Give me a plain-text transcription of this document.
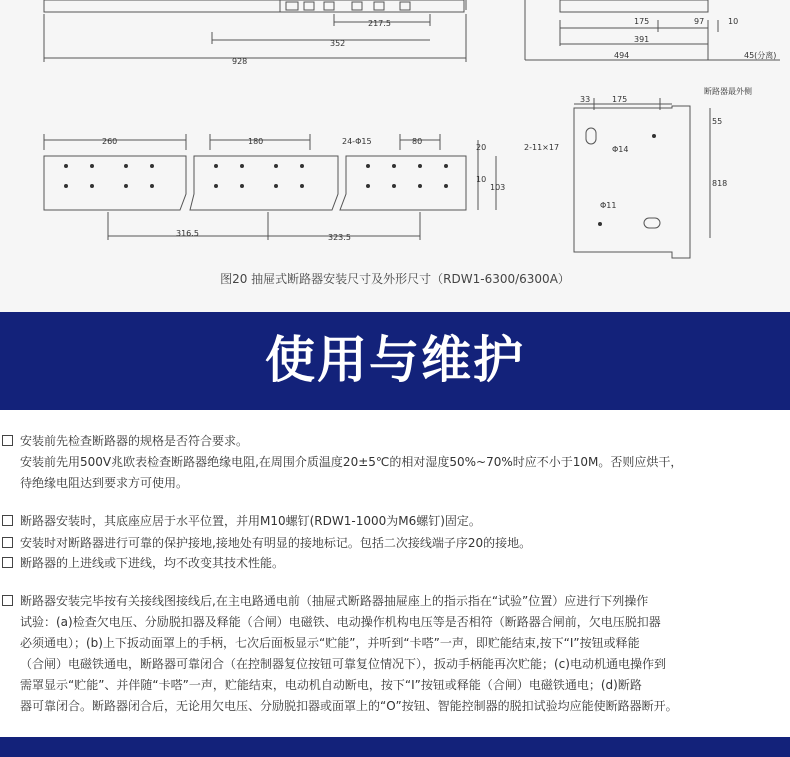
217.5
352
928
175	97	10
391
494	45(分离)
260	180	24-Φ15	80
20
10
103
316.5	323.5
33	175
断路器最外侧
55
2-11×17	Φ14
818
Φ11
图20 抽屉式断路器安装尺寸及外形尺寸（RDW1-6300/6300A）
使用与维护
安装前先检查断路器的规格是否符合要求。
安装前先用500V兆欧表检查断路器绝缘电阻,在周围介质温度20±5℃的相对湿度50%~70%时应不小于10M。否则应烘干，
待绝缘电阻达到要求方可使用。
断路器安装时，其底座应居于水平位置，并用M10螺钉(RDW1-1000为M6螺钉)固定。
安装时对断路器进行可靠的保护接地,接地处有明显的接地标记。包括二次接线端子序20的接地。
断路器的上进线或下进线，均不改变其技术性能。
断路器安装完毕按有关接线图接线后,在主电路通电前（抽屉式断路器抽屉座上的指示指在“试验”位置）应进行下列操作
试验：(a)检查欠电压、分励脱扣器及释能（合闸）电磁铁、电动操作机构电压等是否相符（断路器合闸前，欠电压脱扣器
必须通电）；(b)上下扳动面罩上的手柄，七次后面板显示“贮能”，并听到“卡嗒”一声，即贮能结束,按下“I”按钮或释能
（合闸）电磁铁通电，断路器可靠闭合（在控制器复位按钮可靠复位情况下），扳动手柄能再次贮能；(c)电动机通电操作到
需罩显示“贮能”、并伴随“卡嗒”一声，贮能结束，电动机自动断电，按下“I”按钮或释能（合闸）电磁铁通电；(d)断路
器可靠闭合。断路器闭合后，无论用欠电压、分励脱扣器或面罩上的“O”按钮、智能控制器的脱扣试验均应能使断路器断开。
